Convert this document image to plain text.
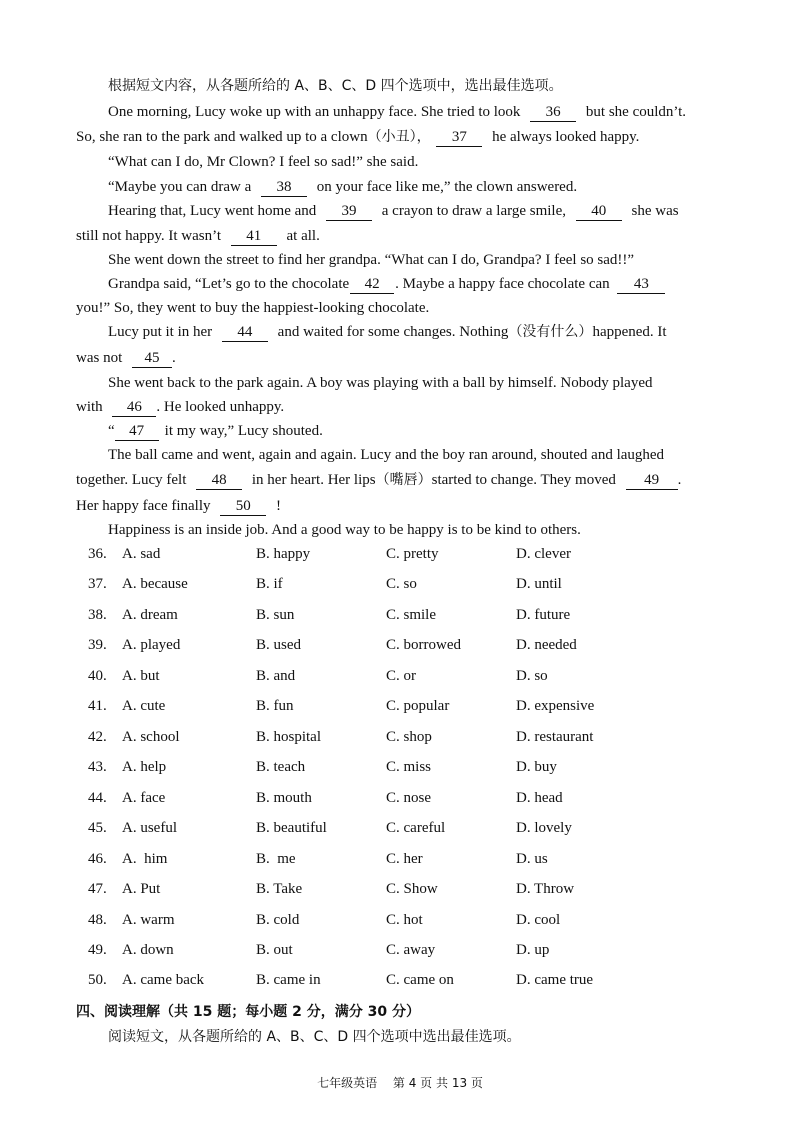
根据短文内容，从各题所给的 A、B、C、D 四个选项中，选出最佳选项。
One morning, Lucy woke up with an unhappy face. She tried to look 36 but she couldn’t.
So, she ran to the park and walked up to a clown（小丑）， 37 he always looked happy.
“What can I do, Mr Clown? I feel so sad!” she said.
“Maybe you can draw a 38 on your face like me,” the clown answered.
Hearing that, Lucy went home and 39 a crayon to draw a large smile, 40 she was
still not happy. It wasn’t 41 at all.
She went down the street to find her grandpa. “What can I do, Grandpa? I feel so sad!!”
Grandpa said, “Let’s go to the chocolate 42 . Maybe a happy face chocolate can 43
you!” So, they went to buy the happiest-looking chocolate.
Lucy put it in her 44 and waited for some changes. Nothing（没有什么）happened. It
was not 45 .
She went back to the park again. A boy was playing with a ball by himself. Nobody played
with 46 . He looked unhappy.
“ 47 it my way,” Lucy shouted.
The ball came and went, again and again. Lucy and the boy ran around, shouted and laughed
together. Lucy felt 48 in her heart. Her lips（嘴唇）started to change. They moved 49 .
Her happy face finally 50 !
Happiness is an inside job. And a good way to be happy is to be kind to others.
36. A. sad	B. happy	C. pretty	D. clever
37. A. because	B. if	C. so	D. until
38. A. dream	B. sun	C. smile	D. future
39. A. played	B. used	C. borrowed	D. needed
40. A. but	B. and	C. or	D. so
41. A. cute	B. fun	C. popular	D. expensive
42. A. school	B. hospital	C. shop	D. restaurant
43. A. help	B. teach	C. miss	D. buy
44. A. face	B. mouth	C. nose	D. head
45. A. useful	B. beautiful	C. careful	D. lovely
46. A.  him	B.  me	C. her	D. us
47. A. Put	B. Take	C. Show	D. Throw
48. A. warm	B. cold	C. hot	D. cool
49. A. down	B. out	C. away	D. up
50. A. came back	B. came in	C. came on	D. came true
四、阅读理解（共 15 题；每小题 2 分，满分 30 分）
阅读短文，从各题所给的 A、B、C、D 四个选项中选出最佳选项。
七年级英语 第 4 页 共 13 页
